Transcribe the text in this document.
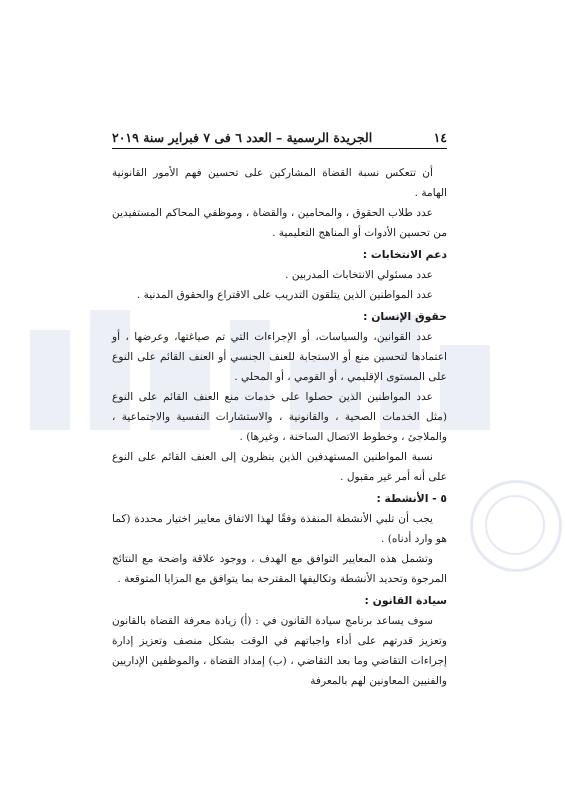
١٤
الجريدة الرسمية – العدد ٦ فى ٧ فبراير سنة ٢٠١٩

أن تتعكس نسبة القضاة المشاركين على تحسين فهم الأمور القانونية الهامة .

عدد طلاب الحقوق ، والمحامين ، والقضاة ، وموظفي المحاكم المستفيدين من تحسين الأدوات أو المناهج التعليمية .

دعم الانتخابات :

عدد مسئولي الانتخابات المدربين .

عدد المواطنين الذين يتلقون التدريب على الاقتراع والحقوق المدنية .

حقوق الإنسان :

عدد القوانين، والسياسات، أو الإجراءات التي تم صياغتها، وعرضها ، أو اعتمادها لتحسين منع أو الاستجابة للعنف الجنسي أو العنف القائم على النوع على المستوى الإقليمي ، أو القومي ، أو المحلي .

عدد المواطنين الذين حصلوا على خدمات منع العنف القائم على النوع (مثل الخدمات الصحية ، والقانونية ، والاستشارات النفسية والاجتماعية ، والملاجئ ، وخطوط الاتصال الساخنة ، وغيرها) .

نسبة المواطنين المستهدفين الذين ينظرون إلى العنف القائم على النوع على أنه أمر غير مقبول .

٥ - الأنشطة :

يجب أن تلبي الأنشطة المنفذة وفقًا لهذا الاتفاق معايير اختيار محددة (كما هو وارد أدناه) .

وتشمل هذه المعايير التوافق مع الهدف ، ووجود علاقة واضحة مع النتائج المرجوة وتحديد الأنشطة وتكاليفها المقترحة بما يتوافق مع المزايا المتوقعة .

سيادة القانون :

سوف يساعد برنامج سيادة القانون في : (أ) زيادة معرفة القضاة بالقانون وتعزيز قدرتهم على أداء واجباتهم في الوقت بشكل منصف وتعزيز إدارة إجراءات التقاضي وما بعد التقاضي ، (ب) إمداد القضاة ، والموظفين الإداريين والفنيين المعاونين لهم بالمعرفة
